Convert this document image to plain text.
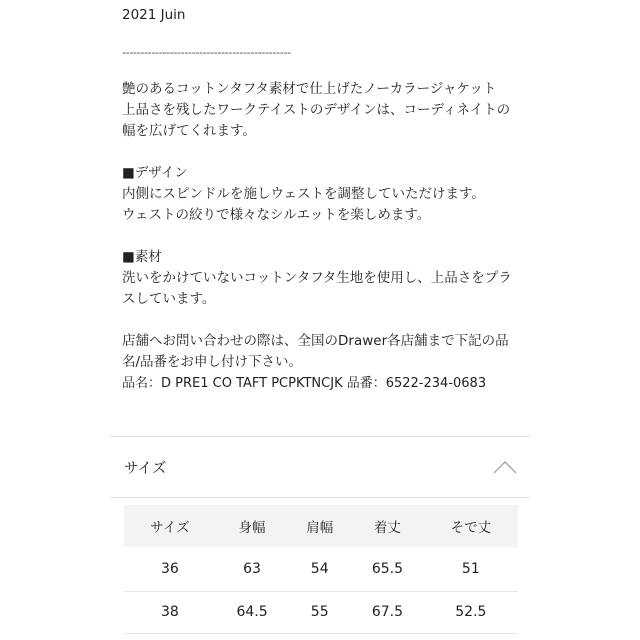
2021 Juin
----------------------------------------------
艶のあるコットンタフタ素材で仕上げたノーカラージャケット
上品さを残したワークテイストのデザインは、コーディネイトの
幅を広げてくれます。
■デザイン
内側にスピンドルを施しウェストを調整していただけます。
ウェストの絞りで様々なシルエットを楽しめます。
■素材
洗いをかけていないコットンタフタ生地を使用し、上品さをプラ
スしています。
店舗へお問い合わせの際は、全国のDrawer各店舗まで下記の品
名/品番をお申し付け下さい。
品名：D PRE1 CO TAFT PCPKTNCJK 品番：6522-234-0683
サイズ
サイズ	身幅	肩幅	着丈	そで丈
36	63	54	65.5	51
38	64.5	55	67.5	52.5
